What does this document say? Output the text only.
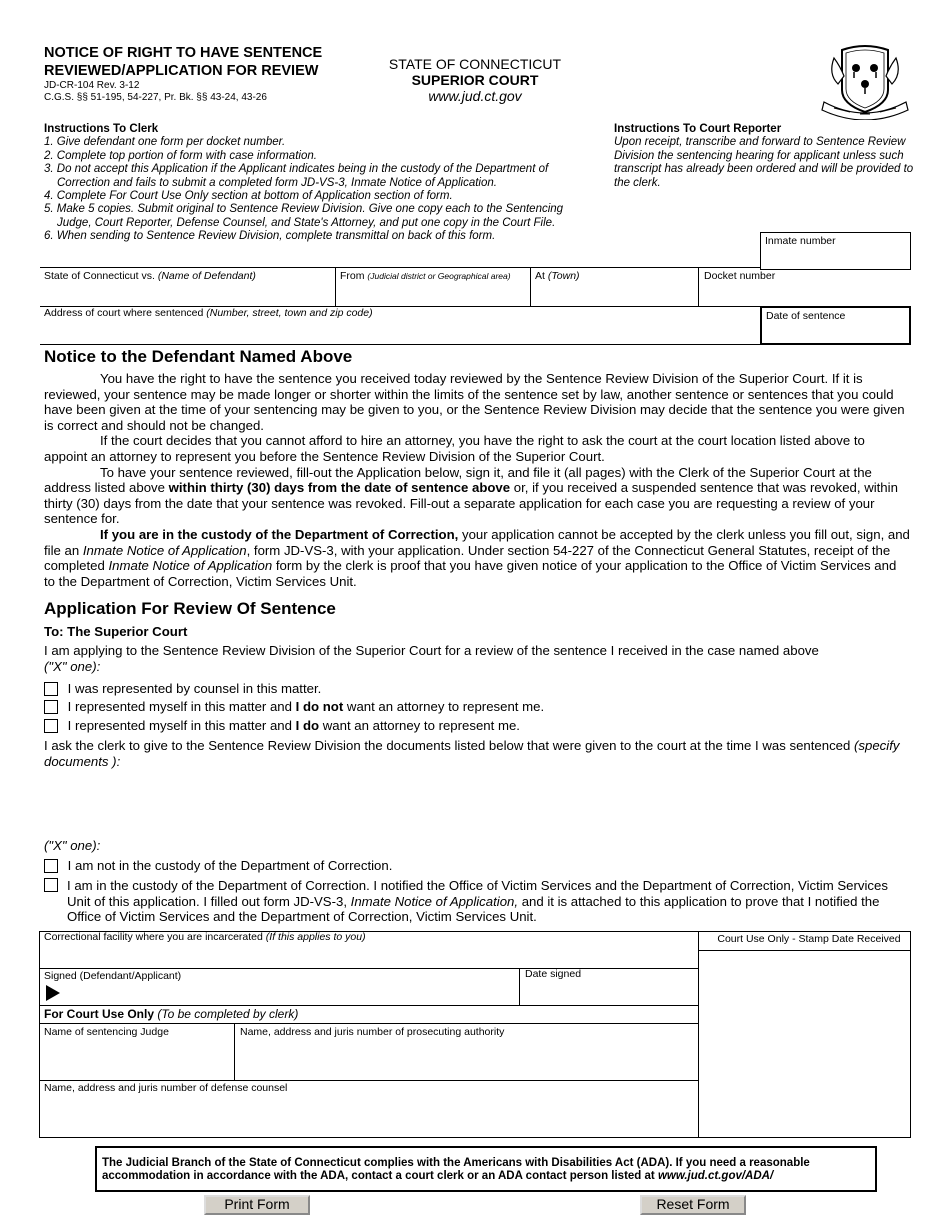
NOTICE OF RIGHT TO HAVE SENTENCE
REVIEWED/APPLICATION FOR REVIEW
JD-CR-104 Rev. 3-12
C.G.S. §§ 51-195, 54-227, Pr. Bk. §§ 43-24, 43-26
STATE OF CONNECTICUT
SUPERIOR COURT
www.jud.ct.gov
Instructions To Clerk
1. Give defendant one form per docket number.
2. Complete top portion of form with case information.
3. Do not accept this Application if the Applicant indicates being in the custody of the Department of Correction and fails to submit a completed form JD-VS-3, Inmate Notice of Application.
4. Complete For Court Use Only section at bottom of Application section of form.
5. Make 5 copies. Submit original to Sentence Review Division. Give one copy each to the Sentencing Judge, Court Reporter, Defense Counsel, and State's Attorney, and put one copy in the Court File.
6. When sending to Sentence Review Division, complete transmittal on back of this form.
Instructions To Court Reporter
Upon receipt, transcribe and forward to Sentence Review Division the sentencing hearing for applicant unless such transcript has already been ordered and will be provided to the clerk.
Inmate number
State of Connecticut vs. (Name of Defendant)	From (Judicial district or Geographical area)	At (Town)	Docket number
Address of court where sentenced (Number, street, town and zip code)	Date of sentence
Notice to the Defendant Named Above

You have the right to have the sentence you received today reviewed by the Sentence Review Division of the Superior Court. If it is reviewed, your sentence may be made longer or shorter within the limits of the sentence set by law, another sentence or sentences that you could have been given at the time of your sentencing may be given to you, or the Sentence Review Division may decide that the sentence you were given is correct and should not be changed.

If the court decides that you cannot afford to hire an attorney, you have the right to ask the court at the court location listed above to appoint an attorney to represent you before the Sentence Review Division of the Superior Court.

To have your sentence reviewed, fill-out the Application below, sign it, and file it (all pages) with the Clerk of the Superior Court at the address listed above within thirty (30) days from the date of sentence above or, if you received a suspended sentence that was revoked, within thirty (30) days from the date that your sentence was revoked. Fill-out a separate application for each case you are requesting a review of your sentence for.

If you are in the custody of the Department of Correction, your application cannot be accepted by the clerk unless you fill out, sign, and file an Inmate Notice of Application, form JD-VS-3, with your application. Under section 54-227 of the Connecticut General Statutes, receipt of the completed Inmate Notice of Application form by the clerk is proof that you have given notice of your application to the Office of Victim Services and to the Department of Correction, Victim Services Unit.

Application For Review Of Sentence
To: The Superior Court
I am applying to the Sentence Review Division of the Superior Court for a review of the sentence I received in the case named above
("X" one):
I was represented by counsel in this matter.
I represented myself in this matter and I do not want an attorney to represent me.
I represented myself in this matter and I do want an attorney to represent me.
I ask the clerk to give to the Sentence Review Division the documents listed below that were given to the court at the time I was sentenced (specify documents ):
("X" one):
I am not in the custody of the Department of Correction.
I am in the custody of the Department of Correction. I notified the Office of Victim Services and the Department of Correction, Victim Services Unit of this application. I filled out form JD-VS-3, Inmate Notice of Application, and it is attached to this application to prove that I notified the Office of Victim Services and the Department of Correction, Victim Services Unit.
Correctional facility where you are incarcerated (If this applies to you)	Court Use Only - Stamp Date Received
Signed (Defendant/Applicant)	Date signed
For Court Use Only (To be completed by clerk)
Name of sentencing Judge	Name, address and juris number of prosecuting authority
Name, address and juris number of defense counsel
The Judicial Branch of the State of Connecticut complies with the Americans with Disabilities Act (ADA). If you need a reasonable accommodation in accordance with the ADA, contact a court clerk or an ADA contact person listed at www.jud.ct.gov/ADA/
Print Form	Reset Form
